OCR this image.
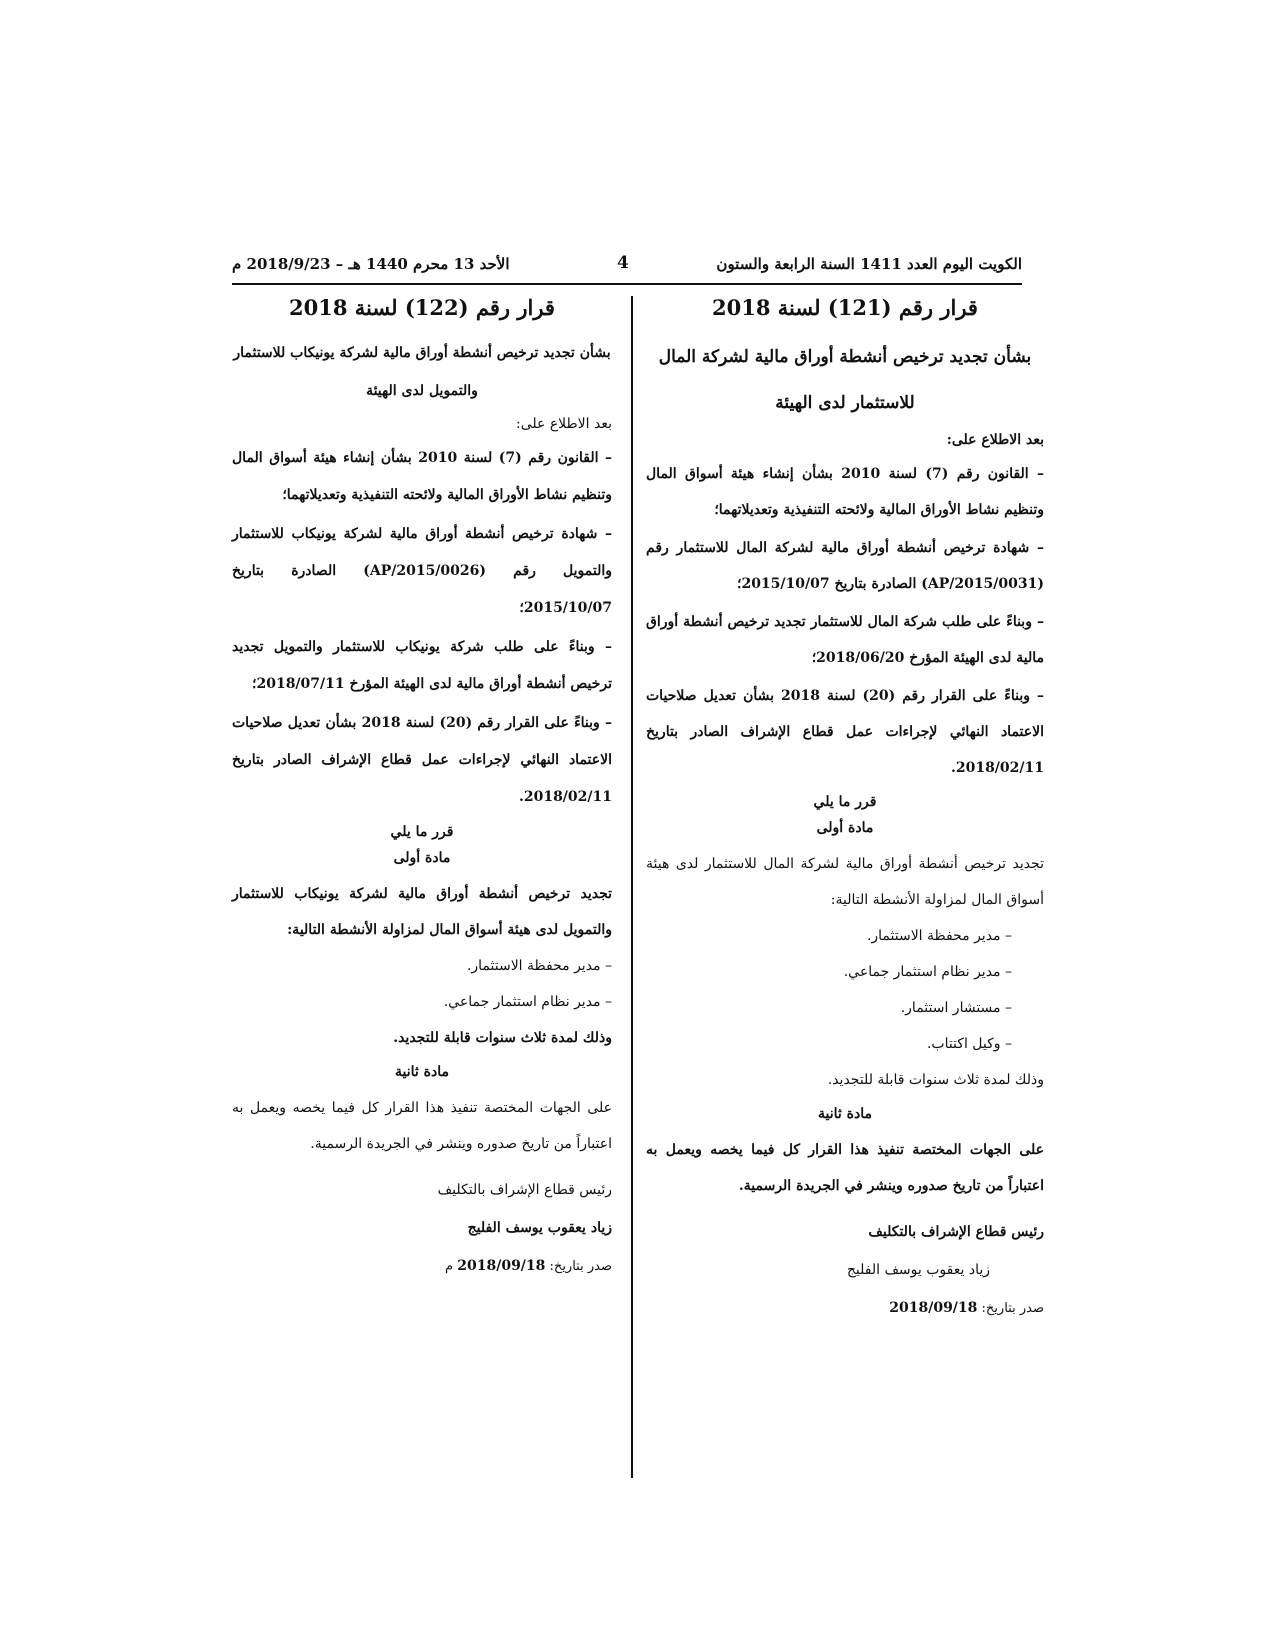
الأحد 13 محرم 1440 هـ – 2018/9/23 م	4	الكويت اليوم العدد 1411 السنة الرابعة والستون
قرار رقم (121) لسنة 2018
بشأن تجديد ترخيص أنشطة أوراق مالية لشركة المال
للاستثمار لدى الهيئة
بعد الاطلاع على:

– القانون رقم (7) لسنة 2010 بشأن إنشاء هيئة أسواق المال وتنظيم نشاط الأوراق المالية ولائحته التنفيذية وتعديلاتهما؛

– شهادة ترخيص أنشطة أوراق مالية لشركة المال للاستثمار رقم (AP/2015/0031) الصادرة بتاريخ 2015/10/07؛

– وبناءً على طلب شركة المال للاستثمار تجديد ترخيص أنشطة أوراق مالية لدى الهيئة المؤرخ 2018/06/20؛

– وبناءً على القرار رقم (20) لسنة 2018 بشأن تعديل صلاحيات الاعتماد النهائي لإجراءات عمل قطاع الإشراف الصادر بتاريخ 2018/02/11.

قرر ما يلي
مادة أولى

تجديد ترخيص أنشطة أوراق مالية لشركة المال للاستثمار لدى هيئة أسواق المال لمزاولة الأنشطة التالية:

– مدير محفظة الاستثمار.
– مدير نظام استثمار جماعي.
– مستشار استثمار.
– وكيل اكتتاب.

وذلك لمدة ثلاث سنوات قابلة للتجديد.

مادة ثانية

على الجهات المختصة تنفيذ هذا القرار كل فيما يخصه ويعمل به اعتباراً من تاريخ صدوره وينشر في الجريدة الرسمية.

رئيس قطاع الإشراف بالتكليف
زياد يعقوب يوسف الفليج
صدر بتاريخ: 2018/09/18
قرار رقم (122) لسنة 2018
بشأن تجديد ترخيص أنشطة أوراق مالية لشركة يونيكاب للاستثمار
والتمويل لدى الهيئة
بعد الاطلاع على:

– القانون رقم (7) لسنة 2010 بشأن إنشاء هيئة أسواق المال وتنظيم نشاط الأوراق المالية ولائحته التنفيذية وتعديلاتهما؛

– شهادة ترخيص أنشطة أوراق مالية لشركة يونيكاب للاستثمار والتمويل رقم (AP/2015/0026) الصادرة بتاريخ 2015/10/07؛

– وبناءً على طلب شركة يونيكاب للاستثمار والتمويل تجديد ترخيص أنشطة أوراق مالية لدى الهيئة المؤرخ 2018/07/11؛

– وبناءً على القرار رقم (20) لسنة 2018 بشأن تعديل صلاحيات الاعتماد النهائي لإجراءات عمل قطاع الإشراف الصادر بتاريخ 2018/02/11.

قرر ما يلي
مادة أولى

تجديد ترخيص أنشطة أوراق مالية لشركة يونيكاب للاستثمار والتمويل لدى هيئة أسواق المال لمزاولة الأنشطة التالية:

– مدير محفظة الاستثمار.
– مدير نظام استثمار جماعي.

وذلك لمدة ثلاث سنوات قابلة للتجديد.

مادة ثانية

على الجهات المختصة تنفيذ هذا القرار كل فيما يخصه ويعمل به اعتباراً من تاريخ صدوره وينشر في الجريدة الرسمية.

رئيس قطاع الإشراف بالتكليف
زياد يعقوب يوسف الفليج
صدر بتاريخ: 2018/09/18 م
